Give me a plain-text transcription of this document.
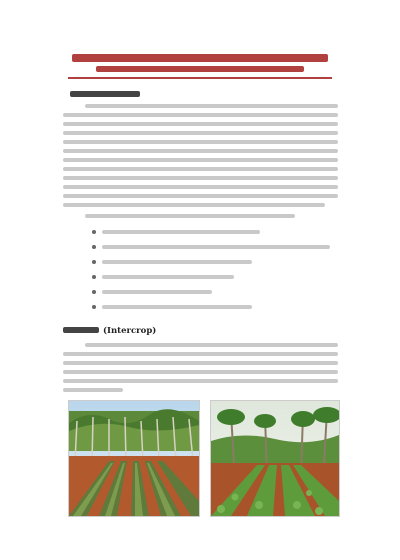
(Intercrop)
